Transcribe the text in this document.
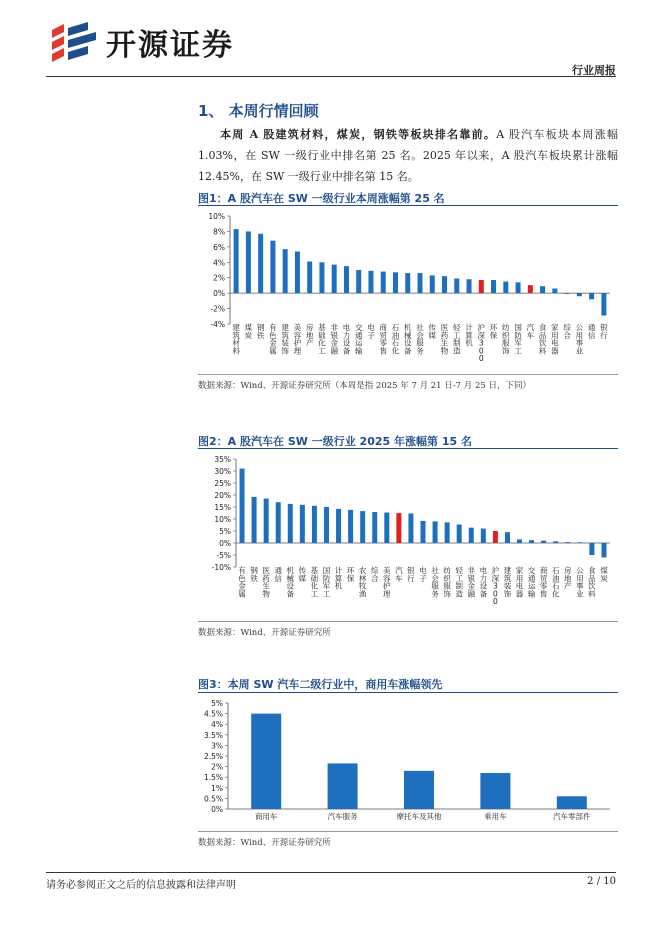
开源证券
行业周报
1、 本周行情回顾
本周 A 股建筑材料，煤炭，钢铁等板块排名靠前。A 股汽车板块本周涨幅 1.03%，在 SW 一级行业中排名第 25 名。2025 年以来，A 股汽车板块累计涨幅 12.45%，在 SW 一级行业中排名第 15 名。
图1：A 股汽车在 SW 一级行业本周涨幅第 25 名
10%
8%
6%
4%
2%
0%
-2%
-4% 建筑材料
煤炭
钢铁
有色金属
建筑装饰
美容护理
房地产
基础化工
非银金融
电力设备
交通运输
电子
商贸零售
石油石化
机械设备
社会服务
传媒
医药生物
轻工制造
计算机
沪深 3 0 0
环保
纺织服饰
国防军工
汽车
食品饮料
家用电器
综合
公用事业
通信
银行
数据来源：Wind、开源证券研究所（本周是指 2025 年 7 月 21 日-7 月 25 日，下同）
图2：A 股汽车在 SW 一级行业 2025 年涨幅第 15 名
35%
30%
25%
20%
15%
10%
5%
0%
-5%
-10% 有色金属
钢铁
医药生物
通信
机械设备
传媒
基础化工
国防军工
计算机
环保
农林牧渔
综合
美容护理
汽车
银行
电子
社会服务
纺织服饰
轻工制造
非银金融
电力设备
沪深 3 0 0
建筑装饰
家用电器
交通运输
商贸零售
石油石化
房地产
公用事业
食品饮料
煤炭
数据来源：Wind、开源证券研究所
图3：本周 SW 汽车二级行业中，商用车涨幅领先
5%
4.5%
4%
3.5%
3%
2.5%
2%
1.5%
1%
0.5%
0%
商用车	汽车服务	摩托车及其他	乘用车	汽车零部件
数据来源：Wind、开源证券研究所
请务必参阅正文之后的信息披露和法律声明	2 / 10
